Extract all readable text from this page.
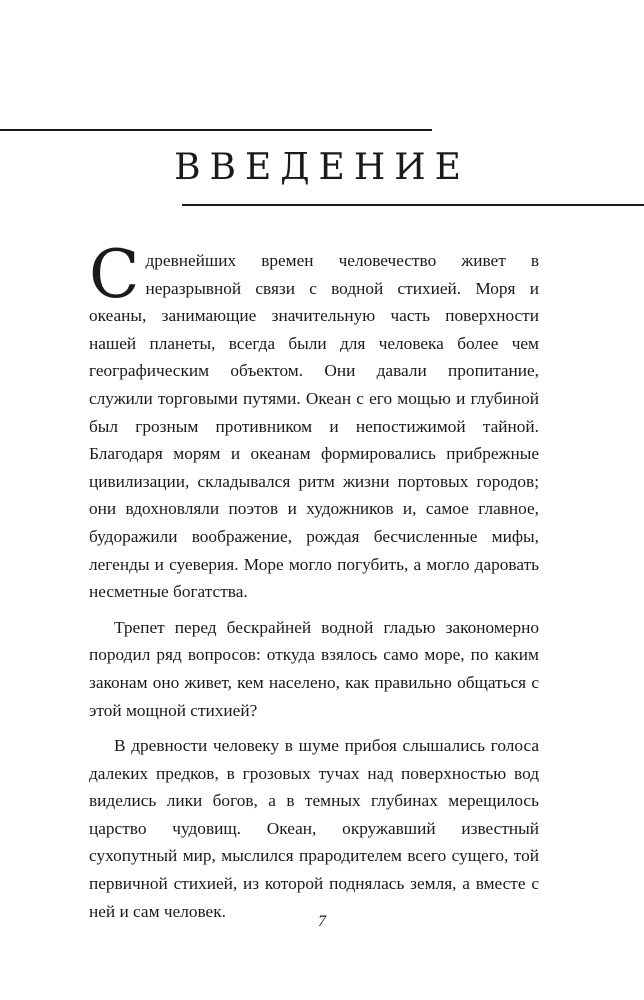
ВВЕДЕНИЕ

Сдревнейших времен человечество живет в неразрывной связи с водной стихией. Моря и океаны, занимающие значительную часть поверхности нашей планеты, всегда были для человека более чем географическим объектом. Они давали пропитание, служили торговыми путями. Океан с его мощью и глубиной был грозным противником и непостижимой тайной. Благодаря морям и океанам формировались прибрежные цивилизации, складывался ритм жизни портовых городов; они вдохновляли поэтов и художников и, самое главное, будоражили воображение, рождая бесчисленные мифы, легенды и суеверия. Море могло погубить, а могло даровать несметные богатства.

Трепет перед бескрайней водной гладью закономерно породил ряд вопросов: откуда взялось само море, по каким законам оно живет, кем населено, как правильно общаться с этой мощной стихией?

В древности человеку в шуме прибоя слышались голоса далеких предков, в грозовых тучах над поверхностью вод виделись лики богов, а в темных глубинах мерещилось царство чудовищ. Океан, окружавший известный сухопутный мир, мыслился прародителем всего сущего, той первичной стихией, из которой поднялась земля, а вместе с ней и сам человек.

7
